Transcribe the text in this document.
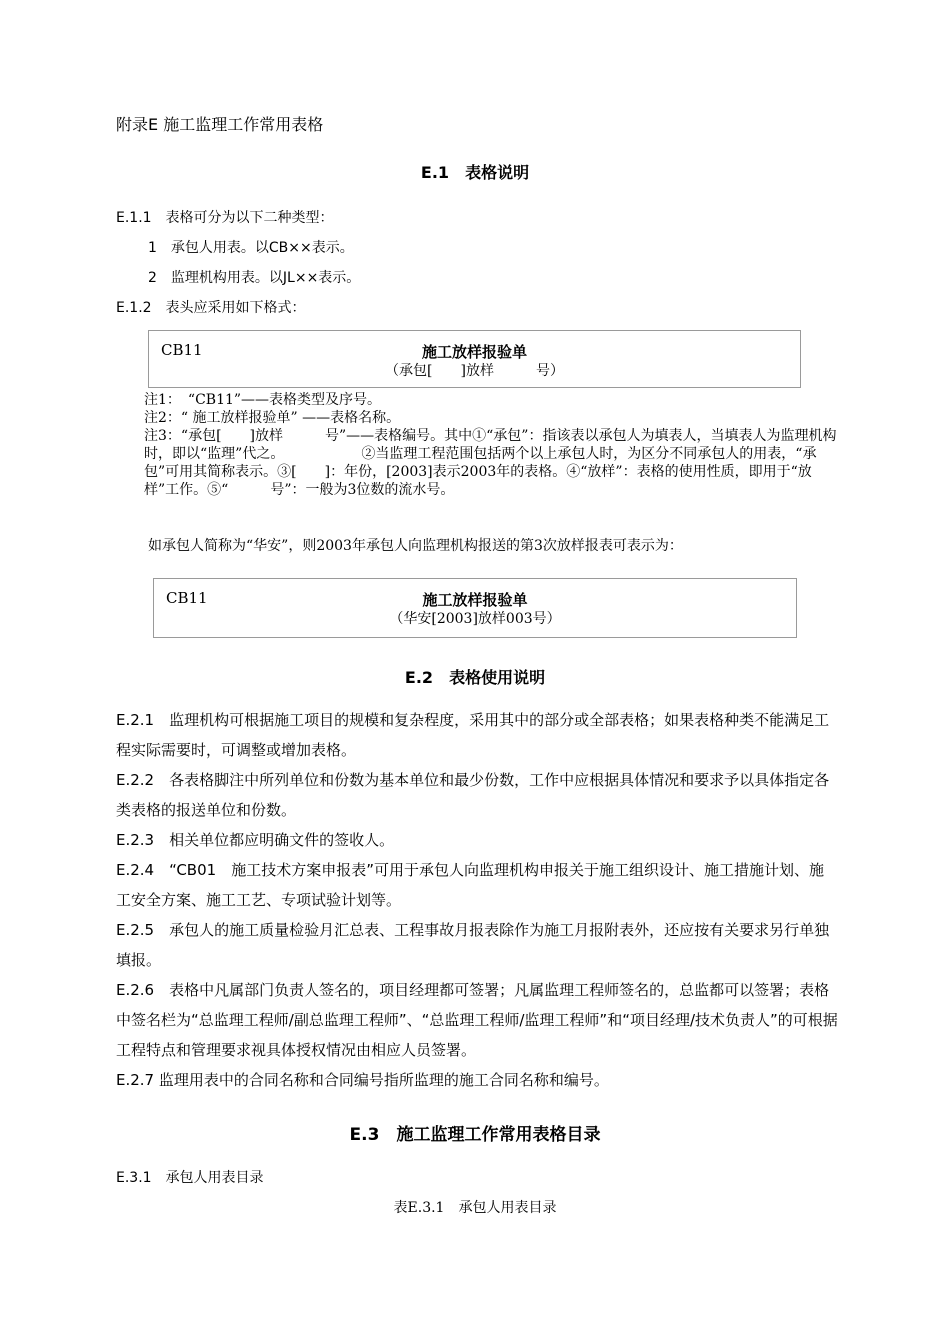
附录E 施工监理工作常用表格
E.1　表格说明
E.1.1　表格可分为以下二种类型：
1　承包人用表。以CB××表示。
2　监理机构用表。以JL××表示。
E.1.2　表头应采用如下格式：
CB11	施工放样报验单
（承包[　　]放样　　　号）
注1：　“CB11”——表格类型及序号。
注2：“ 施工放样报验单” ——表格名称。
注3：“承包[　　]放样　　　号”——表格编号。其中①“承包”：指该表以承包人为填表人，当填表人为监理机构时，即以“监理”代之。　　　　　　②当监理工程范围包括两个以上承包人时，为区分不同承包人的用表，“承包”可用其简称表示。③[　　]：年份，[2003]表示2003年的表格。④“放样”：表格的使用性质，即用于“放样”工作。⑤“　　　号”：一般为3位数的流水号。
如承包人简称为“华安”，则2003年承包人向监理机构报送的第3次放样报表可表示为：
CB11	施工放样报验单
（华安[2003]放样003号）
E.2　表格使用说明
E.2.1　监理机构可根据施工项目的规模和复杂程度，采用其中的部分或全部表格；如果表格种类不能满足工程实际需要时，可调整或增加表格。
E.2.2　各表格脚注中所列单位和份数为基本单位和最少份数，工作中应根据具体情况和要求予以具体指定各类表格的报送单位和份数。
E.2.3　相关单位都应明确文件的签收人。
E.2.4　“CB01　施工技术方案申报表”可用于承包人向监理机构申报关于施工组织设计、施工措施计划、施工安全方案、施工工艺、专项试验计划等。
E.2.5　承包人的施工质量检验月汇总表、工程事故月报表除作为施工月报附表外，还应按有关要求另行单独填报。
E.2.6　表格中凡属部门负责人签名的，项目经理都可签署；凡属监理工程师签名的，总监都可以签署；表格中签名栏为“总监理工程师/副总监理工程师”、“总监理工程师/监理工程师”和“项目经理/技术负责人”的可根据工程特点和管理要求视具体授权情况由相应人员签署。
E.2.7 监理用表中的合同名称和合同编号指所监理的施工合同名称和编号。
E.3　施工监理工作常用表格目录
E.3.1　承包人用表目录
表E.3.1　承包人用表目录
